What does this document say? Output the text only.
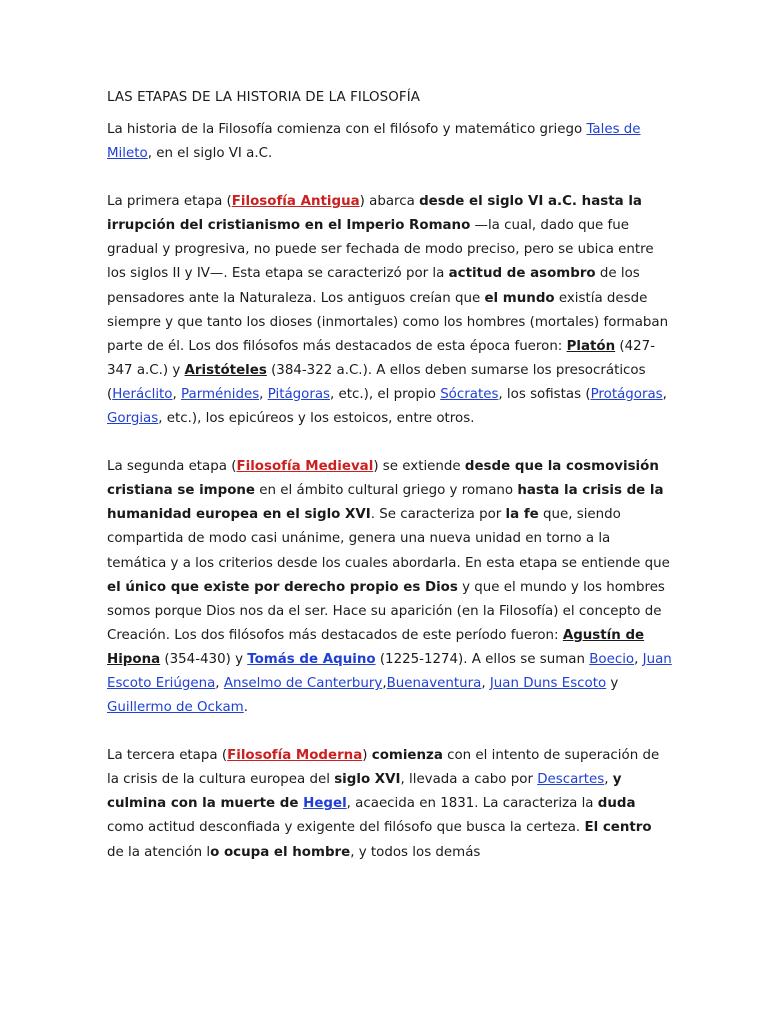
LAS ETAPAS DE LA HISTORIA DE LA FILOSOFÍA

La historia de la Filosofía comienza con el filósofo y matemático griego Tales de Mileto, en el siglo VI a.C.

La primera etapa (Filosofía Antigua) abarca desde el siglo VI a.C. hasta la irrupción del cristianismo en el Imperio Romano —la cual, dado que fue gradual y progresiva, no puede ser fechada de modo preciso, pero se ubica entre los siglos II y IV—. Esta etapa se caracterizó por la actitud de asombro de los pensadores ante la Naturaleza. Los antiguos creían que el mundo existía desde siempre y que tanto los dioses (inmortales) como los hombres (mortales) formaban parte de él. Los dos filósofos más destacados de esta época fueron: Platón (427-347 a.C.) y Aristóteles (384-322 a.C.). A ellos deben sumarse los presocráticos (Heráclito, Parménides, Pitágoras, etc.), el propio Sócrates, los sofistas (Protágoras, Gorgias, etc.), los epicúreos y los estoicos, entre otros.

La segunda etapa (Filosofía Medieval) se extiende desde que la cosmovisión cristiana se impone en el ámbito cultural griego y romano hasta la crisis de la humanidad europea en el siglo XVI. Se caracteriza por la fe que, siendo compartida de modo casi unánime, genera una nueva unidad en torno a la temática y a los criterios desde los cuales abordarla. En esta etapa se entiende que el único que existe por derecho propio es Dios y que el mundo y los hombres somos porque Dios nos da el ser. Hace su aparición (en la Filosofía) el concepto de Creación. Los dos filósofos más destacados de este período fueron: Agustín de Hipona (354-430) y Tomás de Aquino (1225-1274). A ellos se suman Boecio, Juan Escoto Eriúgena, Anselmo de Canterbury,Buenaventura, Juan Duns Escoto y Guillermo de Ockam.

La tercera etapa (Filosofía Moderna) comienza con el intento de superación de la crisis de la cultura europea del siglo XVI, llevada a cabo por Descartes, y culmina con la muerte de Hegel, acaecida en 1831. La caracteriza la duda como actitud desconfiada y exigente del filósofo que busca la certeza. El centro de la atención lo ocupa el hombre, y todos los demás
